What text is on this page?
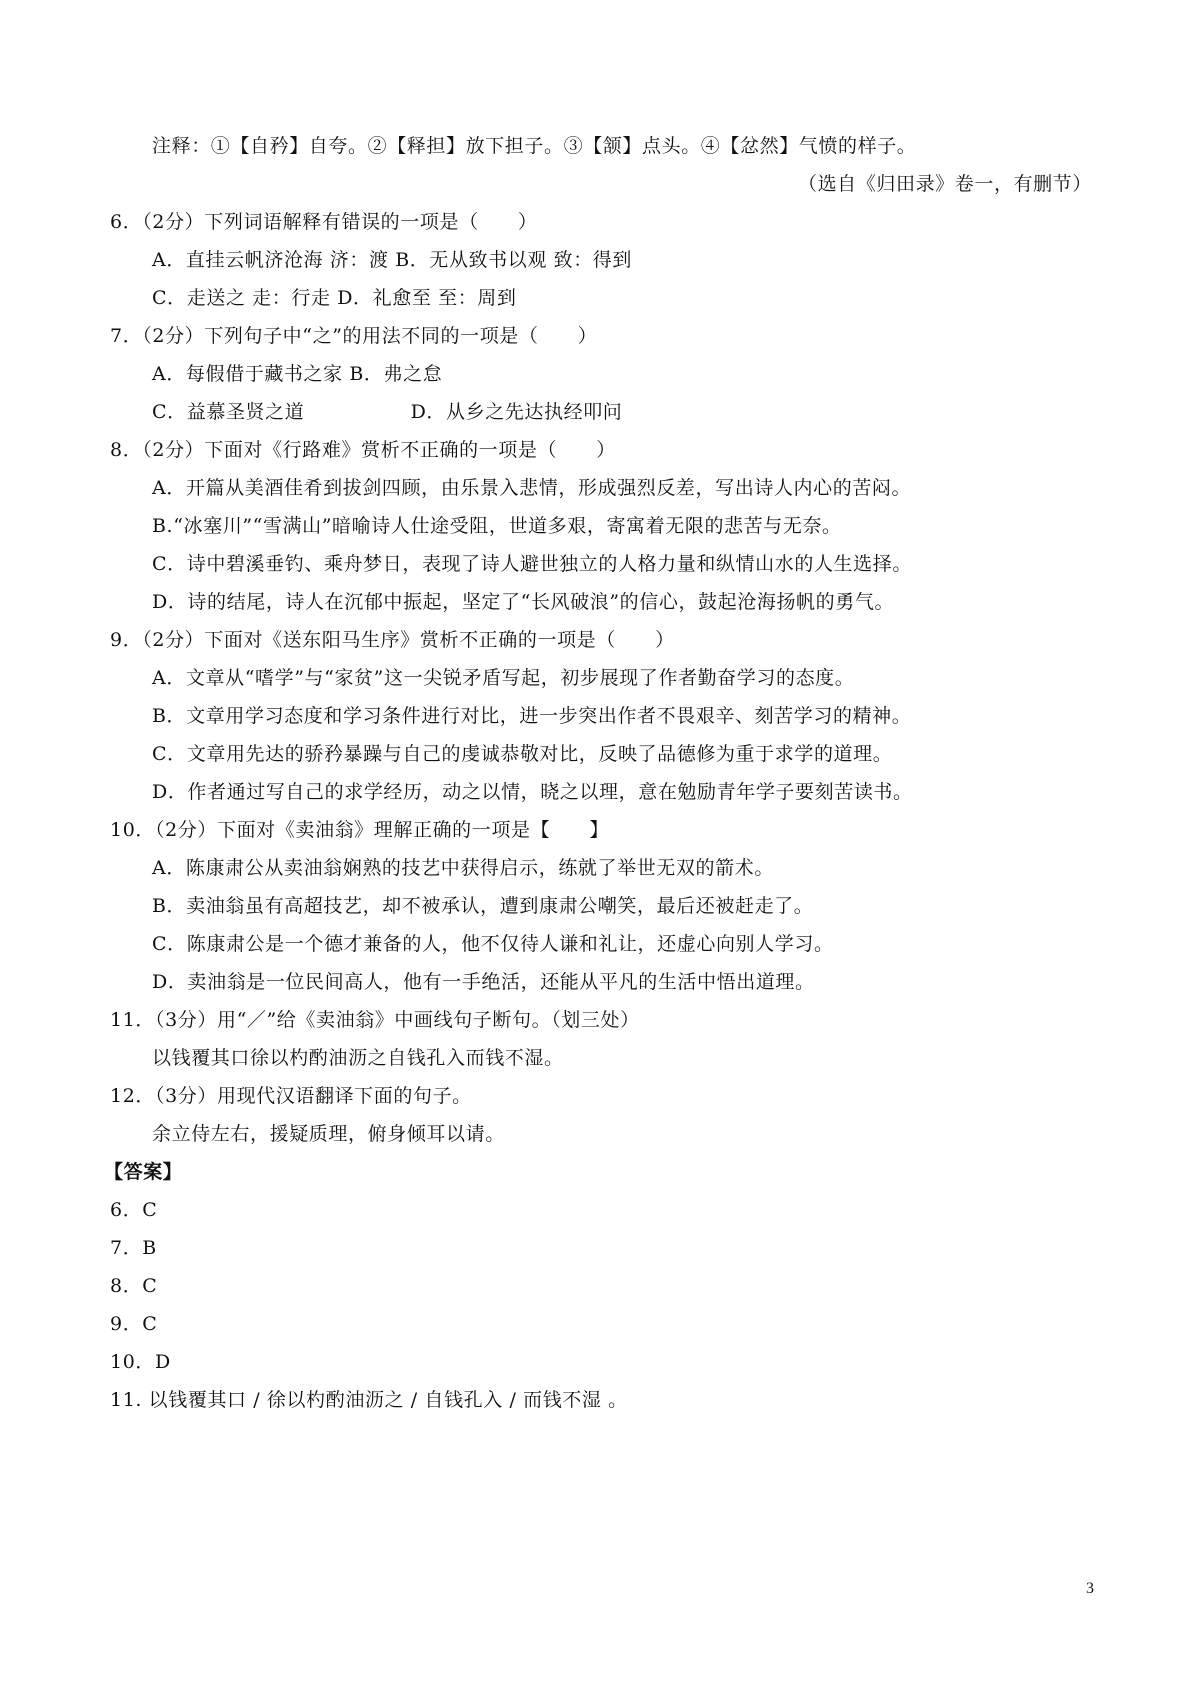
注释：①【自矜】自夸。②【释担】放下担子。③【颔】点头。④【忿然】气愤的样子。
（选自《归田录》卷一，有删节）
6．（2分）下列词语解释有错误的一项是（　　）
A．直挂云帆济沧海 济：渡 B．无从致书以观 致：得到
C．走送之 走：行走 D．礼愈至 至：周到
7．（2分）下列句子中“之”的用法不同的一项是（　　）
A．每假借于藏书之家 B．弗之怠
C．益慕圣贤之道                D．从乡之先达执经叩问
8．（2分）下面对《行路难》赏析不正确的一项是（　　）
A．开篇从美酒佳肴到拔剑四顾，由乐景入悲情，形成强烈反差，写出诗人内心的苦闷。
B.“冰塞川”“雪满山”暗喻诗人仕途受阻，世道多艰，寄寓着无限的悲苦与无奈。
C．诗中碧溪垂钓、乘舟梦日，表现了诗人避世独立的人格力量和纵情山水的人生选择。
D．诗的结尾，诗人在沉郁中振起，坚定了“长风破浪”的信心，鼓起沧海扬帆的勇气。
9．（2分）下面对《送东阳马生序》赏析不正确的一项是（　　）
A．文章从“嗜学”与“家贫”这一尖锐矛盾写起，初步展现了作者勤奋学习的态度。
B．文章用学习态度和学习条件进行对比，进一步突出作者不畏艰辛、刻苦学习的精神。
C．文章用先达的骄矜暴躁与自己的虔诚恭敬对比，反映了品德修为重于求学的道理。
D．作者通过写自己的求学经历，动之以情，晓之以理，意在勉励青年学子要刻苦读书。
10．（2分）下面对《卖油翁》理解正确的一项是【　　】
A．陈康肃公从卖油翁娴熟的技艺中获得启示，练就了举世无双的箭术。
B．卖油翁虽有高超技艺，却不被承认，遭到康肃公嘲笑，最后还被赶走了。
C．陈康肃公是一个德才兼备的人，他不仅待人谦和礼让，还虚心向别人学习。
D．卖油翁是一位民间高人，他有一手绝活，还能从平凡的生活中悟出道理。
11．（3分）用“／”给《卖油翁》中画线句子断句。（划三处）
以钱覆其口徐以杓酌油沥之自钱孔入而钱不湿。
12．（3分）用现代汉语翻译下面的句子。
余立侍左右，援疑质理，俯身倾耳以请。
【答案】
6．C
7．B
8．C
9．C
10．D
11. 以钱覆其口 / 徐以杓酌油沥之 / 自钱孔入 / 而钱不湿 。
3
